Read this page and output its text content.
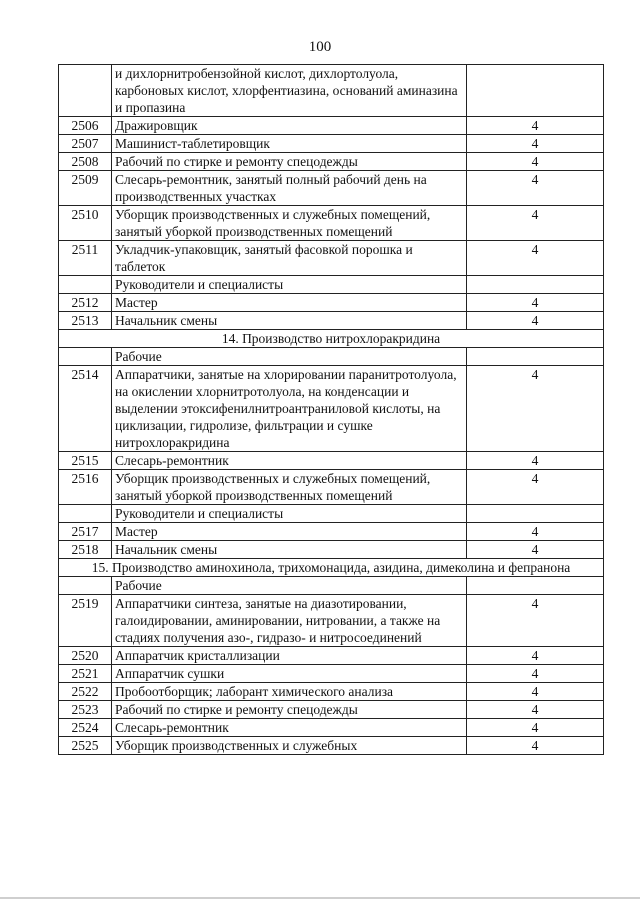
100
	и дихлорнитробензойной кислот, дихлортолуола, карбоновых кислот, хлорфентиазина, оснований аминазина и пропазина	
2506	Дражировщик	4
2507	Машинист-таблетировщик	4
2508	Рабочий по стирке и ремонту спецодежды	4
2509	Слесарь-ремонтник, занятый полный рабочий день на производственных участках	4
2510	Уборщик производственных и служебных помещений, занятый уборкой производственных помещений	4
2511	Укладчик-упаковщик, занятый фасовкой порошка и таблеток	4
	Руководители и специалисты	
2512	Мастер	4
2513	Начальник смены	4
14. Производство нитрохлоракридина		
	Рабочие	
2514	Аппаратчики, занятые на хлорировании паранитротолуола, на окислении хлорнитротолуола, на конденсации и выделении этоксифенилнитроантраниловой кислоты, на циклизации, гидролизе, фильтрации и сушке нитрохлоракридина	4
2515	Слесарь-ремонтник	4
2516	Уборщик производственных и служебных помещений, занятый уборкой производственных помещений	4
	Руководители и специалисты	
2517	Мастер	4
2518	Начальник смены	4
15. Производство аминохинола, трихомонацида, азидина, димеколина и фепранона		
	Рабочие	
2519	Аппаратчики синтеза, занятые на диазотировании, галоидировании, аминировании, нитровании, а также на стадиях получения азо-, гидразо- и нитросоединений	4
2520	Аппаратчик кристаллизации	4
2521	Аппаратчик сушки	4
2522	Пробоотборщик; лаборант химического анализа	4
2523	Рабочий по стирке и ремонту спецодежды	4
2524	Слесарь-ремонтник	4
2525	Уборщик производственных и служебных	4
